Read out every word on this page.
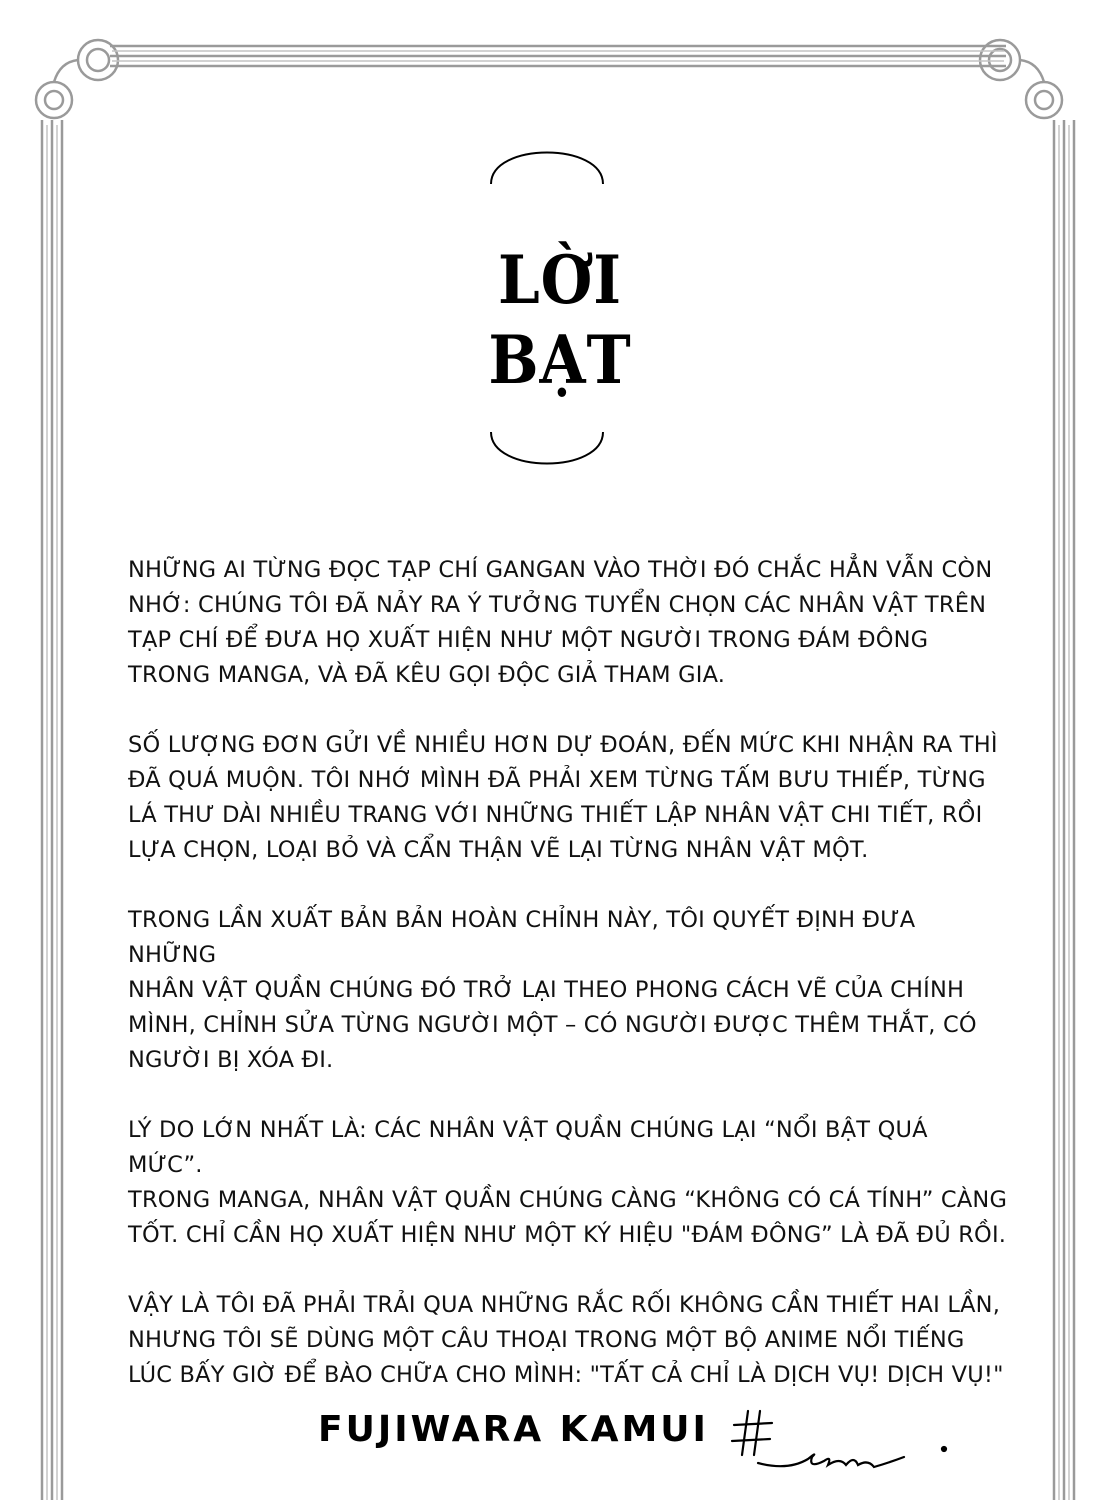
LỜI
BẠT

NHỮNG AI TỪNG ĐỌC TẠP CHÍ GANGAN VÀO THỜI ĐÓ CHẮC HẲN VẪN CÒN
NHỚ: CHÚNG TÔI ĐÃ NẢY RA Ý TƯỞNG TUYỂN CHỌN CÁC NHÂN VẬT TRÊN
TẠP CHÍ ĐỂ ĐƯA HỌ XUẤT HIỆN NHƯ MỘT NGƯỜI TRONG ĐÁM ĐÔNG
TRONG MANGA, VÀ ĐÃ KÊU GỌI ĐỘC GIẢ THAM GIA.

SỐ LƯỢNG ĐƠN GỬI VỀ NHIỀU HƠN DỰ ĐOÁN, ĐẾN MỨC KHI NHẬN RA THÌ
ĐÃ QUÁ MUỘN. TÔI NHỚ MÌNH ĐÃ PHẢI XEM TỪNG TẤM BƯU THIẾP, TỪNG
LÁ THƯ DÀI NHIỀU TRANG VỚI NHỮNG THIẾT LẬP NHÂN VẬT CHI TIẾT, RỒI
LỰA CHỌN, LOẠI BỎ VÀ CẨN THẬN VẼ LẠI TỪNG NHÂN VẬT MỘT.

TRONG LẦN XUẤT BẢN BẢN HOÀN CHỈNH NÀY, TÔI QUYẾT ĐỊNH ĐƯA NHỮNG
NHÂN VẬT QUẦN CHÚNG ĐÓ TRỞ LẠI THEO PHONG CÁCH VẼ CỦA CHÍNH
MÌNH, CHỈNH SỬA TỪNG NGƯỜI MỘT – CÓ NGƯỜI ĐƯỢC THÊM THẮT, CÓ
NGƯỜI BỊ XÓA ĐI.

LÝ DO LỚN NHẤT LÀ: CÁC NHÂN VẬT QUẦN CHÚNG LẠI “NỔI BẬT QUÁ MỨC”.
TRONG MANGA, NHÂN VẬT QUẦN CHÚNG CÀNG “KHÔNG CÓ CÁ TÍNH” CÀNG
TỐT. CHỈ CẦN HỌ XUẤT HIỆN NHƯ MỘT KÝ HIỆU "ĐÁM ĐÔNG” LÀ ĐÃ ĐỦ RỒI.

VẬY LÀ TÔI ĐÃ PHẢI TRẢI QUA NHỮNG RẮC RỐI KHÔNG CẦN THIẾT HAI LẦN,
NHƯNG TÔI SẼ DÙNG MỘT CÂU THOẠI TRONG MỘT BỘ ANIME NỔI TIẾNG
LÚC BẤY GIỜ ĐỂ BÀO CHỮA CHO MÌNH: "TẤT CẢ CHỈ LÀ DỊCH VỤ! DỊCH VỤ!"

FUJIWARA KAMUI
